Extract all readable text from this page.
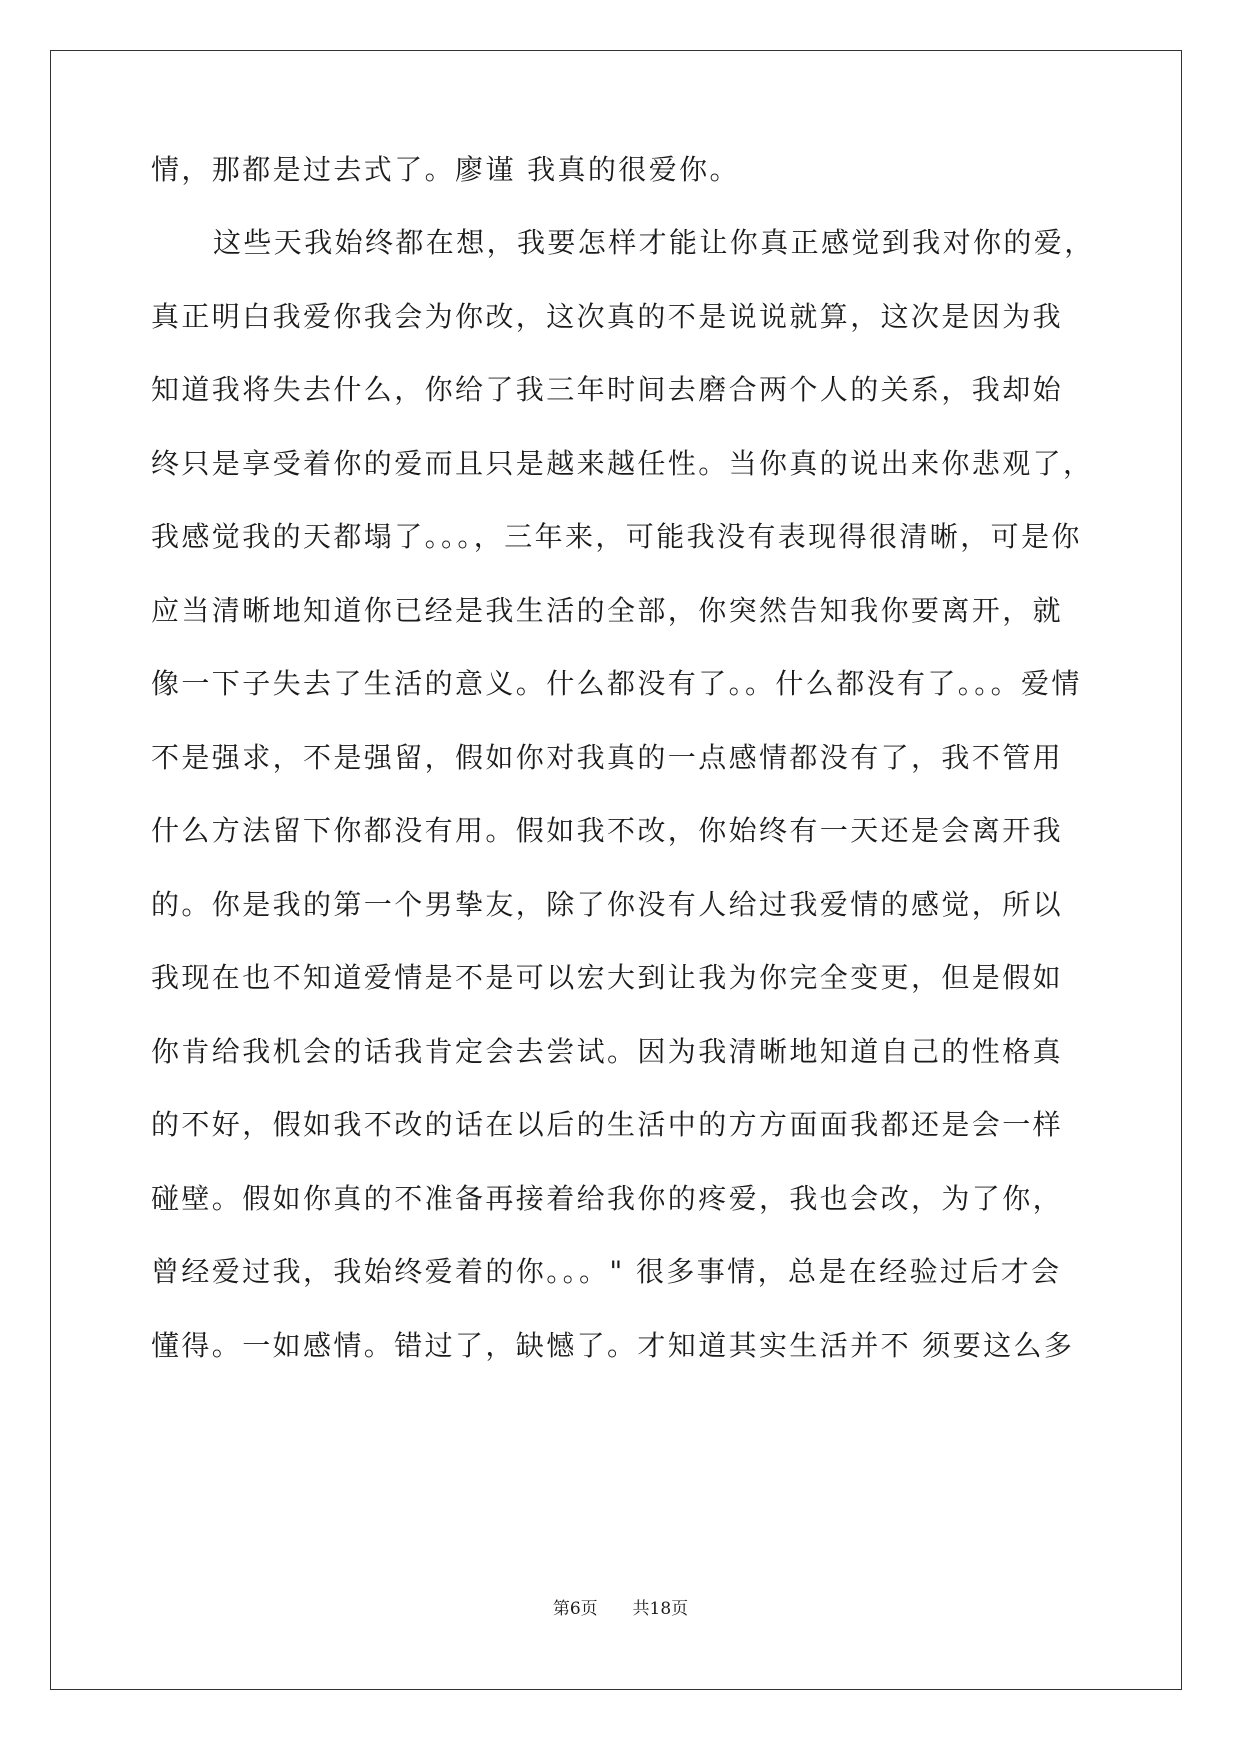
情，那都是过去式了。廖谨 我真的很爱你。
这些天我始终都在想，我要怎样才能让你真正感觉到我对你的爱，
真正明白我爱你我会为你改，这次真的不是说说就算，这次是因为我
知道我将失去什么，你给了我三年时间去磨合两个人的关系，我却始
终只是享受着你的爱而且只是越来越任性。当你真的说出来你悲观了，
我感觉我的天都塌了。。。，三年来，可能我没有表现得很清晰，可是你
应当清晰地知道你已经是我生活的全部，你突然告知我你要离开，就
像一下子失去了生活的意义。什么都没有了。。什么都没有了。。。爱情
不是强求，不是强留，假如你对我真的一点感情都没有了，我不管用
什么方法留下你都没有用。假如我不改，你始终有一天还是会离开我
的。你是我的第一个男挚友，除了你没有人给过我爱情的感觉，所以
我现在也不知道爱情是不是可以宏大到让我为你完全变更，但是假如
你肯给我机会的话我肯定会去尝试。因为我清晰地知道自己的性格真
的不好，假如我不改的话在以后的生活中的方方面面我都还是会一样
碰壁。假如你真的不准备再接着给我你的疼爱，我也会改，为了你，
曾经爱过我，我始终爱着的你。。。" 很多事情，总是在经验过后才会
懂得。一如感情。错过了，缺憾了。才知道其实生活并不 须要这么多
第6页 共18页
